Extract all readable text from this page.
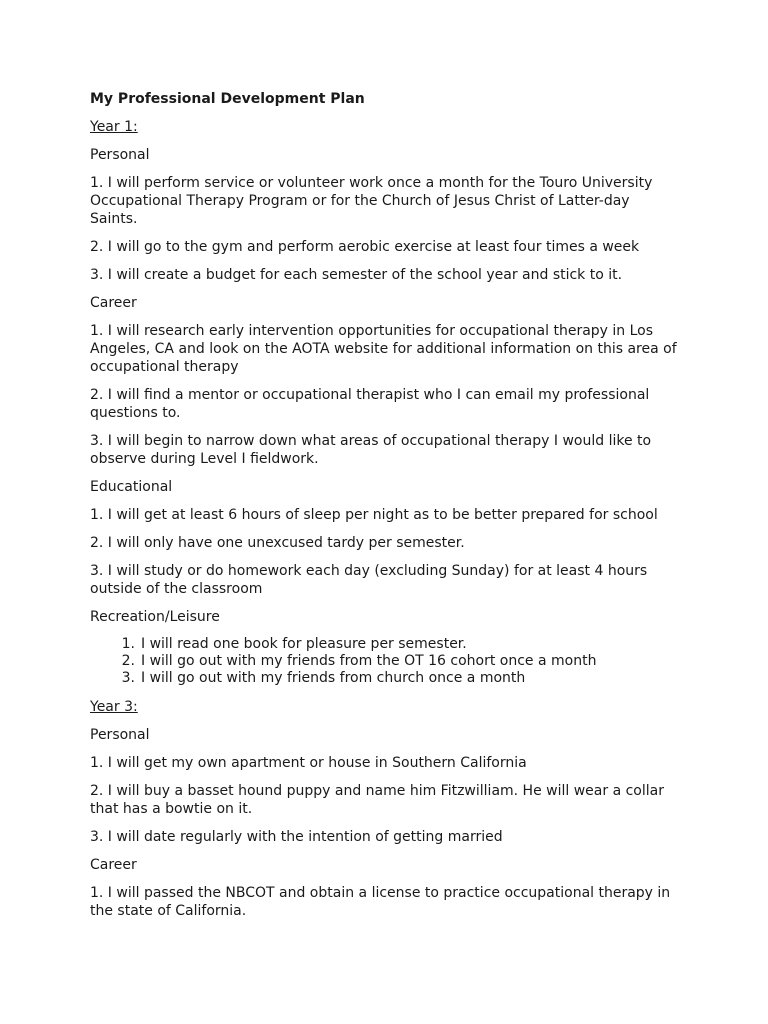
My Professional Development Plan
Year 1:
Personal
1. I will perform service or volunteer work once a month for the Touro University Occupational Therapy Program or for the Church of Jesus Christ of Latter-day Saints.
2. I will go to the gym and perform aerobic exercise at least four times a week
3. I will create a budget for each semester of the school year and stick to it.
Career
1. I will research early intervention opportunities for occupational therapy in Los Angeles, CA and look on the AOTA website for additional information on this area of occupational therapy
2. I will find a mentor or occupational therapist who I can email my professional questions to.
3. I will begin to narrow down what areas of occupational therapy I would like to observe during Level I fieldwork.
Educational
1. I will get at least 6 hours of sleep per night as to be better prepared for school
2. I will only have one unexcused tardy per semester.
3. I will study or do homework each day (excluding Sunday) for at least 4 hours outside of the classroom
Recreation/Leisure
1. I will read one book for pleasure per semester.
2. I will go out with my friends from the OT 16 cohort once a month
3. I will go out with my friends from church once a month
Year 3:
Personal
1. I will get my own apartment or house in Southern California
2. I will buy a basset hound puppy and name him Fitzwilliam. He will wear a collar that has a bowtie on it.
3. I will date regularly with the intention of getting married
Career
1. I will passed the NBCOT and obtain a license to practice occupational therapy in the state of California.
